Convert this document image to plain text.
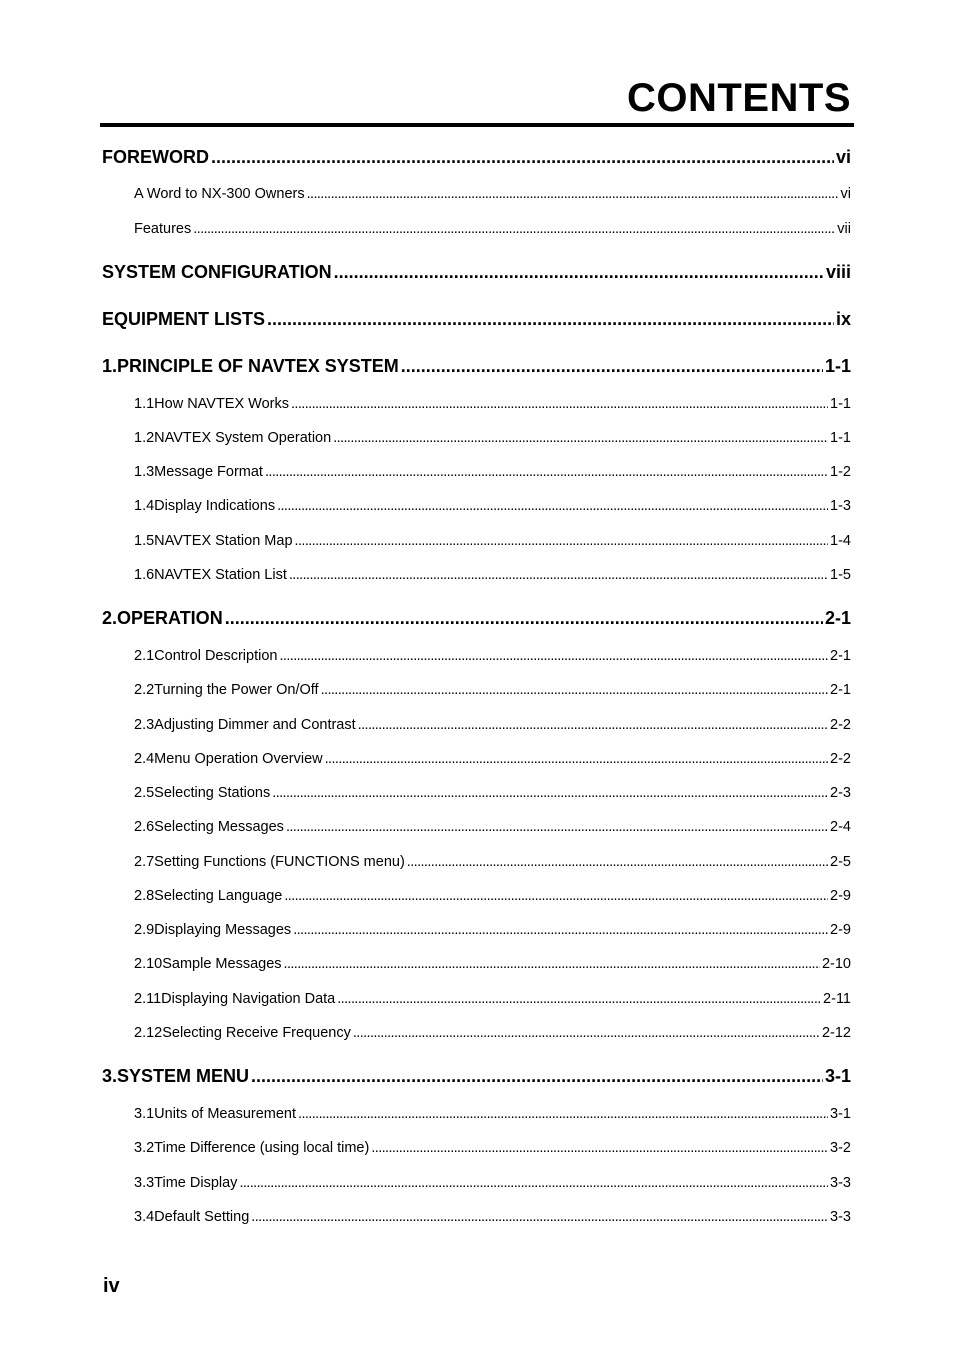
CONTENTS
FOREWORD .....	vi
A Word to NX-300 Owners .....	vi
Features .....	vii
SYSTEM CONFIGURATION .....	viii
EQUIPMENT LISTS .....	ix
1. PRINCIPLE OF NAVTEX SYSTEM .....	1-1
1.1 How NAVTEX Works .....	1-1
1.2 NAVTEX System Operation .....	1-1
1.3 Message Format .....	1-2
1.4 Display Indications .....	1-3
1.5 NAVTEX Station Map .....	1-4
1.6 NAVTEX Station List .....	1-5
2. OPERATION .....	2-1
2.1 Control Description .....	2-1
2.2 Turning the Power On/Off .....	2-1
2.3 Adjusting Dimmer and Contrast .....	2-2
2.4 Menu Operation Overview .....	2-2
2.5 Selecting Stations .....	2-3
2.6 Selecting Messages .....	2-4
2.7 Setting Functions (FUNCTIONS menu) .....	2-5
2.8 Selecting Language .....	2-9
2.9 Displaying Messages .....	2-9
2.10 Sample Messages .....	2-10
2.11 Displaying Navigation Data .....	2-11
2.12 Selecting Receive Frequency .....	2-12
3. SYSTEM MENU .....	3-1
3.1 Units of Measurement .....	3-1
3.2 Time Difference (using local time) .....	3-2
3.3 Time Display .....	3-3
3.4 Default Setting .....	3-3
iv
